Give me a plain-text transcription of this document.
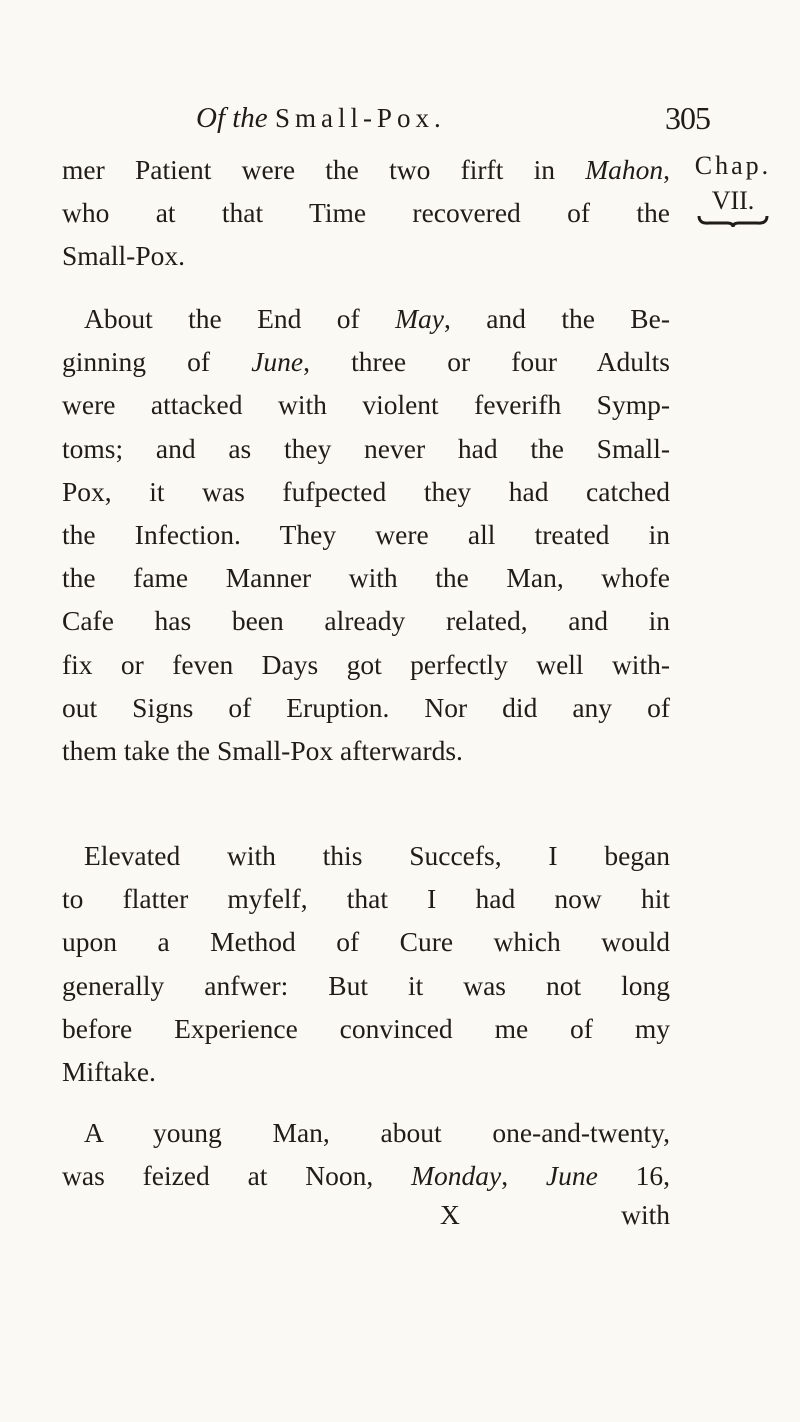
Of the Small-Pox.	305
Chap.
VII.
mer Patient were the two firft in Mahon,
who at that Time recovered of the
Small-Pox.
About the End of May, and the Be-
ginning of June, three or four Adults
were attacked with violent feverifh Symp-
toms; and as they never had the Small-
Pox, it was fufpected they had catched
the Infection. They were all treated in
the fame Manner with the Man, whofe
Cafe has been already related, and in
fix or feven Days got perfectly well with-
out Signs of Eruption. Nor did any of
them take the Small-Pox afterwards.
Elevated with this Succefs, I began
to flatter myfelf, that I had now hit
upon a Method of Cure which would
generally anfwer: But it was not long
before Experience convinced me of my
Miftake.
A young Man, about one-and-twenty,
was feized at Noon, Monday, June 16,
X	with
